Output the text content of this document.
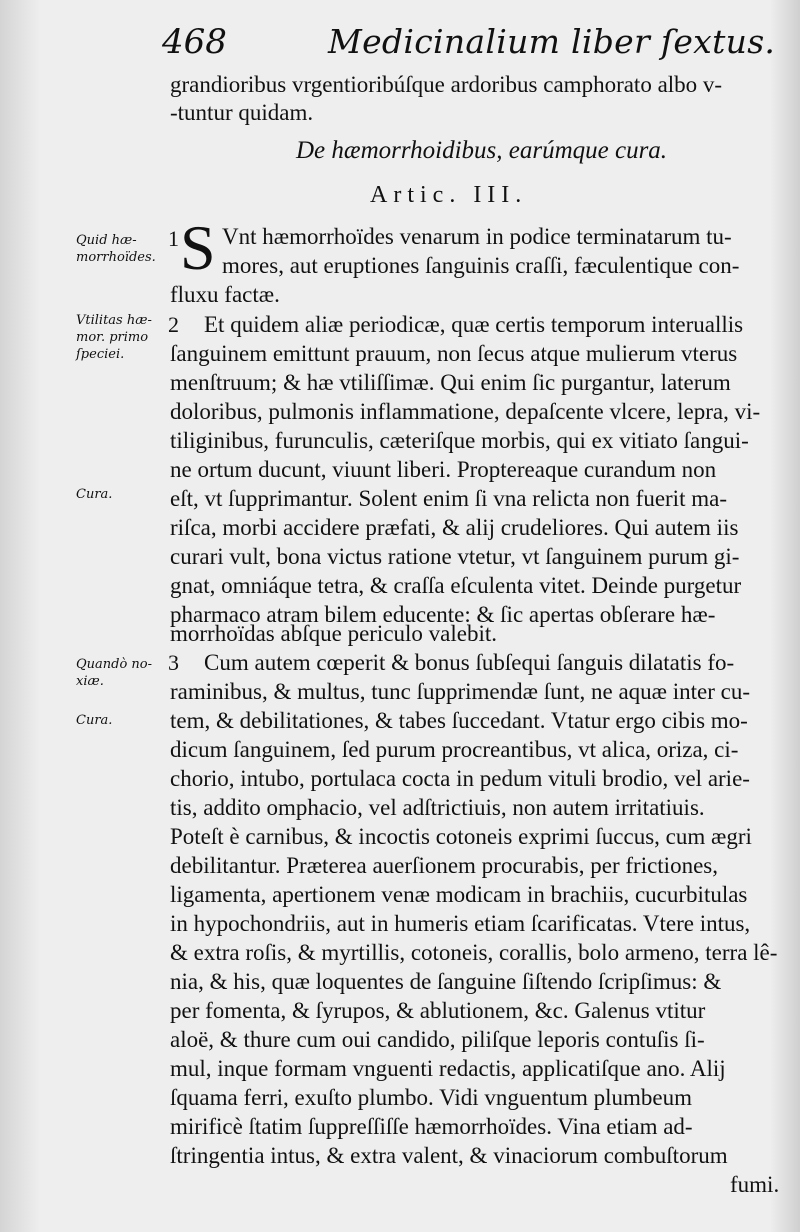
468	Medicinalium liber ſextus.
grandioribus vrgentioribúſque ardoribus camphorato albo v-
-tuntur quidam.
De hæmorrhoidibus, earúmque cura.
Artic. III.
Quid hæ-morrhoïdes.
Vtilitas hæ-mor. primo ſpeciei.
Cura.
Quandò no-xiæ.
Cura.
1
2
3
S Vnt hæmorrhoïdes venarum in podice terminatarum tu-
mores, aut eruptiones ſanguinis craſſi, fæculentique con-
fluxu factæ.
Et quidem aliæ periodicæ, quæ certis temporum interuallis
ſanguinem emittunt prauum, non ſecus atque mulierum vterus
menſtruum; & hæ vtiliſſimæ. Qui enim ſic purgantur, laterum
doloribus, pulmonis inflammatione, depaſcente vlcere, lepra, vi-
tiliginibus, furunculis, cæteriſque morbis, qui ex vitiato ſangui-
ne ortum ducunt, viuunt liberi. Proptereaque curandum non
eſt, vt ſupprimantur. Solent enim ſi vna relicta non fuerit ma-
riſca, morbi accidere præfati, & alij crudeliores. Qui autem iis
curari vult, bona victus ratione vtetur, vt ſanguinem purum gi-
gnat, omniáque tetra, & craſſa eſculenta vitet. Deinde purgetur
pharmaco atram bilem educente: & ſic apertas obſerare hæ-
morrhoïdas abſque periculo valebit.
Cum autem cœperit & bonus ſubſequi ſanguis dilatatis fo-
raminibus, & multus, tunc ſupprimendæ ſunt, ne aquæ inter cu-
tem, & debilitationes, & tabes ſuccedant. Vtatur ergo cibis mo-
dicum ſanguinem, ſed purum procreantibus, vt alica, oriza, ci-
chorio, intubo, portulaca cocta in pedum vituli brodio, vel arie-
tis, addito omphacio, vel adſtrictiuis, non autem irritatiuis.
Poteſt è carnibus, & incoctis cotoneis exprimi ſuccus, cum ægri
debilitantur. Præterea auerſionem procurabis, per frictiones,
ligamenta, apertionem venæ modicam in brachiis, cucurbitulas
in hypochondriis, aut in humeris etiam ſcarificatas. Vtere intus,
& extra roſis, & myrtillis, cotoneis, corallis, bolo armeno, terra lê-
nia, & his, quæ loquentes de ſanguine ſiſtendo ſcripſimus: &
per fomenta, & ſyrupos, & ablutionem, &c. Galenus vtitur
aloë, & thure cum oui candido, piliſque leporis contuſis ſi-
mul, inque formam vnguenti redactis, applicatiſque ano. Alij
ſquama ferri, exuſto plumbo. Vidi vnguentum plumbeum
mirificè ſtatim ſuppreſſiſſe hæmorrhoïdes. Vina etiam ad-
ſtringentia intus, & extra valent, & vinaciorum combuſtorum
fumi.
